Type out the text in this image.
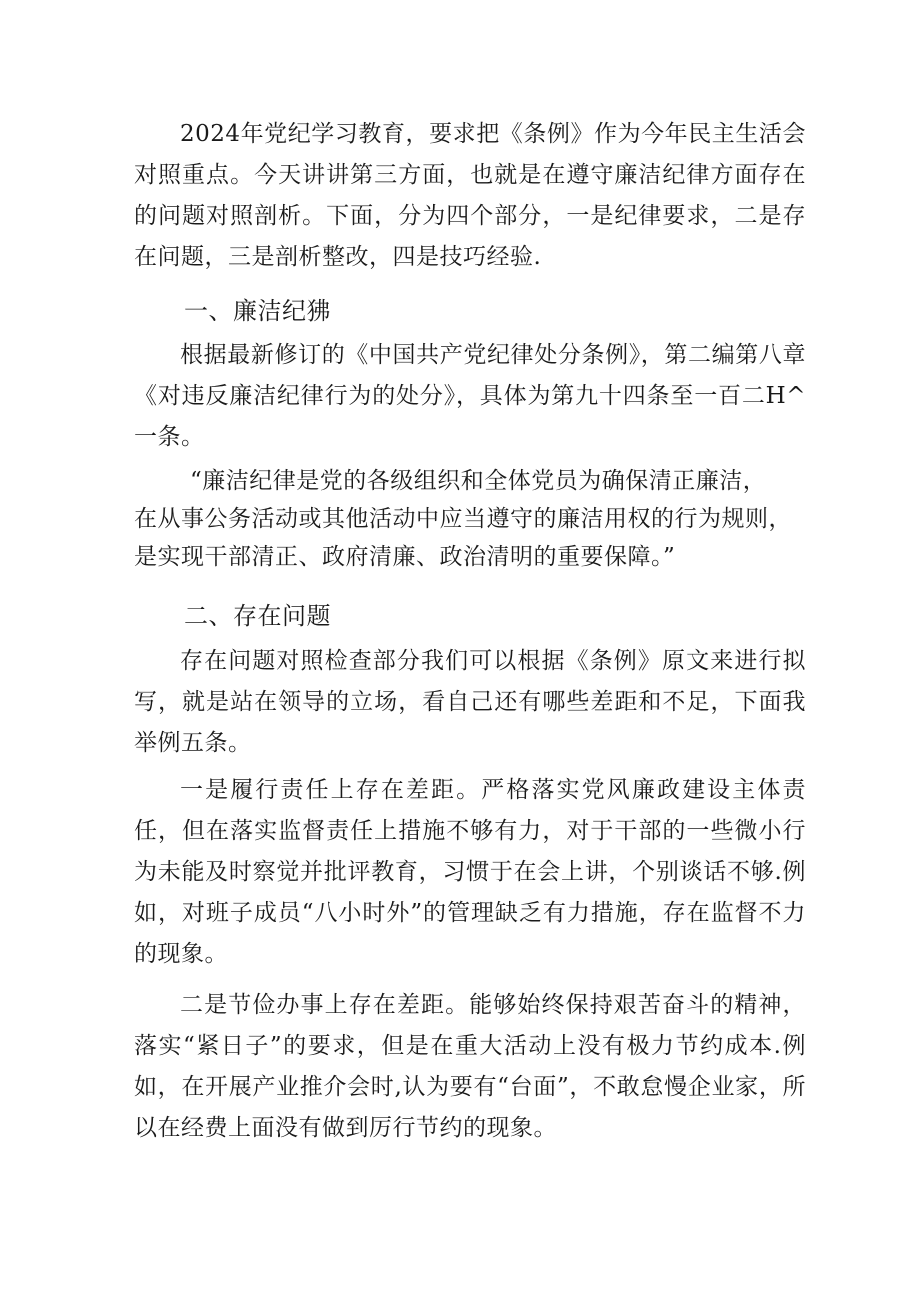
2024年党纪学习教育，要求把《条例》作为今年民主生活会对照重点。今天讲讲第三方面，也就是在遵守廉洁纪律方面存在的问题对照剖析。下面，分为四个部分，一是纪律要求，二是存在问题，三是剖析整改，四是技巧经验.

一、廉洁纪狒

根据最新修订的《中国共产党纪律处分条例》，第二编第八章《对违反廉洁纪律行为的处分》，具体为第九十四条至一百二H^一条。

“廉洁纪律是党的各级组织和全体党员为确保清正廉洁，
在从事公务活动或其他活动中应当遵守的廉洁用权的行为规则，
是实现干部清正、政府清廉、政治清明的重要保障。”
二、存在问题

存在问题对照检查部分我们可以根据《条例》原文来进行拟写，就是站在领导的立场，看自己还有哪些差距和不足，下面我举例五条。

一是履行责任上存在差距。严格落实党风廉政建设主体责任，但在落实监督责任上措施不够有力，对于干部的一些微小行为未能及时察觉并批评教育，习惯于在会上讲，个别谈话不够.例如，对班子成员“八小时外”的管理缺乏有力措施，存在监督不力的现象。

二是节俭办事上存在差距。能够始终保持艰苦奋斗的精神，落实“紧日子”的要求，但是在重大活动上没有极力节约成本.例如，在开展产业推介会时,认为要有“台面”，不敢怠慢企业家，所以在经费上面没有做到厉行节约的现象。
